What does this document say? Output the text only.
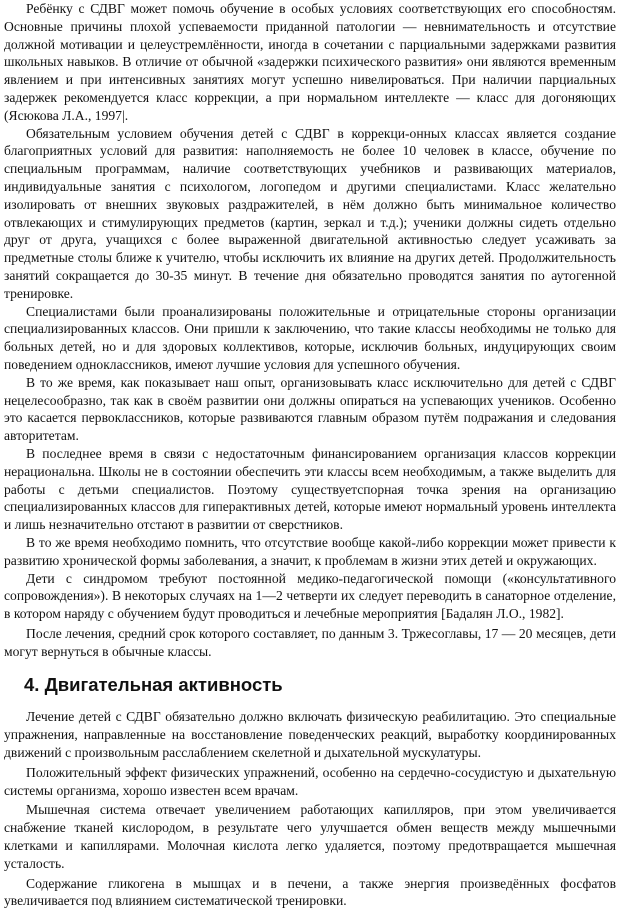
Ребёнку с СДВГ может помочь обучение в особых условиях соответствующих его способностям. Основные причины плохой успеваемости приданной патологии — невнимательность и отсутствие должной мотивации и целеустремлённости, иногда в сочетании с парциальными задержками развития школьных навыков. В отличие от обычной «задержки психического развития» они являются временным явлением и при интенсивных занятиях могут успешно нивелироваться. При наличии парциальных задержек рекомендуется класс коррекции, а при нормальном интеллекте — класс для догоняющих (Ясюкова Л.А., 1997|.

Обязательным условием обучения детей с СДВГ в коррекци-онных классах является создание благоприятных условий для развития: наполняемость не более 10 человек в классе, обучение по специальным программам, наличие соответствующих учебников и развивающих материалов, индивидуальные занятия с психологом, логопедом и другими специалистами. Класс желательно изолировать от внешних звуковых раздражителей, в нём должно быть минимальное количество отвлекающих и стимулирующих предметов (картин, зеркал и т.д.); ученики должны сидеть отдельно друг от друга, учащихся с более выраженной двигательной активностью следует усаживать за предметные столы ближе к учителю, чтобы исключить их влияние на других детей. Продолжительность занятий сокращается до 30-35 минут. В течение дня обязательно проводятся занятия по аутогенной тренировке.

Специалистами были проанализированы положительные и отрицательные стороны организации специализированных классов. Они пришли к заключению, что такие классы необходимы не только для больных детей, но и для здоровых коллективов, которые, исключив больных, индуцирующих своим поведением одноклассников, имеют лучшие условия для успешного обучения.

В то же время, как показывает наш опыт, организовывать класс исключительно для детей с СДВГ нецелесообразно, так как в своём развитии они должны опираться на успевающих учеников. Особенно это касается первоклассников, которые развиваются главным образом путём подражания и следования авторитетам.

В последнее время в связи с недостаточным финансированием организация классов коррекции нерациональна. Школы не в состоянии обеспечить эти классы всем необходимым, а также выделить для работы с детьми специалистов. Поэтому существуетспорная точка зрения на организацию специализированных классов для гиперактивных детей, которые имеют нормальный уровень интеллекта и лишь незначительно отстают в развитии от сверстников.

В то же время необходимо помнить, что отсутствие вообще какой-либо коррекции может привести к развитию хронической формы заболевания, а значит, к проблемам в жизни этих детей и окружающих.

Дети с синдромом требуют постоянной медико-педагогической помощи («консультативного сопровождения»). В некоторых случаях на 1—2 четверти их следует переводить в санаторное отделение, в котором наряду с обучением будут проводиться и лечебные мероприятия [Бадалян Л.О., 1982].

После лечения, средний срок которого составляет, по данным 3. Тржесоглавы, 17 — 20 месяцев, дети могут вернуться в обычные классы.

4. Двигательная активность

Лечение детей с СДВГ обязательно должно включать физическую реабилитацию. Это специальные упражнения, направленные на восстановление поведенческих реакций, выработку координированных движений с произвольным расслаблением скелетной и дыхательной мускулатуры.

Положительный эффект физических упражнений, особенно на сердечно-сосудистую и дыхательную системы организма, хорошо известен всем врачам.

Мышечная система отвечает увеличением работающих капилляров, при этом увеличивается снабжение тканей кислородом, в результате чего улучшается обмен веществ между мышечными клетками и капиллярами. Молочная кислота легко удаляется, поэтому предотвращается мышечная усталость.

Содержание гликогена в мышцах и в печени, а также энергия произведённых фосфатов увеличивается под влиянием систематической тренировки.
